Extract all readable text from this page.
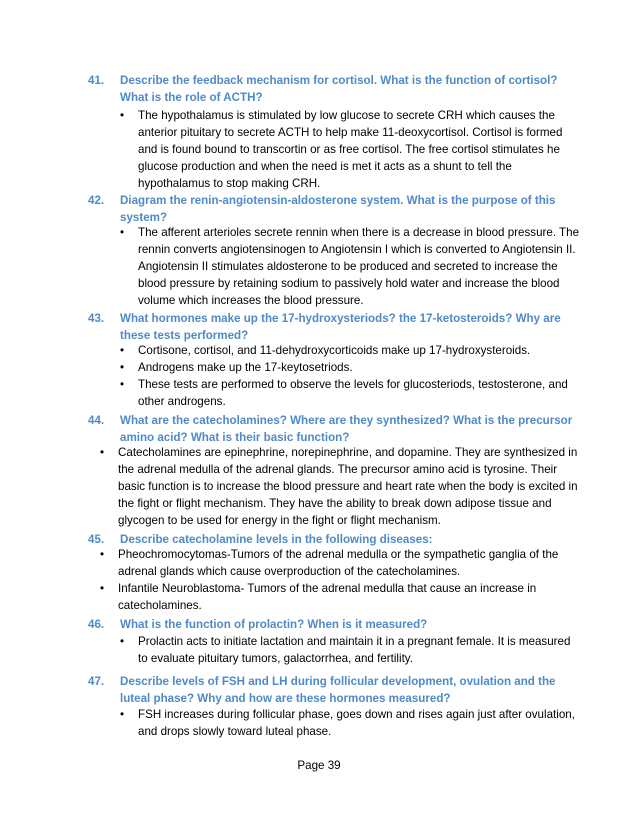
41. Describe the feedback mechanism for cortisol. What is the function of cortisol? What is the role of ACTH?
• The hypothalamus is stimulated by low glucose to secrete CRH which causes the anterior pituitary to secrete ACTH to help make 11-deoxycortisol. Cortisol is formed and is found bound to transcortin or as free cortisol. The free cortisol stimulates he glucose production and when the need is met it acts as a shunt to tell the hypothalamus to stop making CRH.
42. Diagram the renin-angiotensin-aldosterone system. What is the purpose of this system?
• The afferent arterioles secrete rennin when there is a decrease in blood pressure. The rennin converts angiotensinogen to Angiotensin I which is converted to Angiotensin II. Angiotensin II stimulates aldosterone to be produced and secreted to increase the blood pressure by retaining sodium to passively hold water and increase the blood volume which increases the blood pressure.
43. What hormones make up the 17-hydroxysteriods? the 17-ketosteroids? Why are these tests performed?
• Cortisone, cortisol, and 11-dehydroxycorticoids make up 17-hydroxysteroids.
• Androgens make up the 17-keytosetriods.
• These tests are performed to observe the levels for glucosteriods, testosterone, and other androgens.
44. What are the catecholamines? Where are they synthesized? What is the precursor amino acid? What is their basic function?
• Catecholamines are epinephrine, norepinephrine, and dopamine. They are synthesized in the adrenal medulla of the adrenal glands. The precursor amino acid is tyrosine. Their basic function is to increase the blood pressure and heart rate when the body is excited in the fight or flight mechanism. They have the ability to break down adipose tissue and glycogen to be used for energy in the fight or flight mechanism.
45. Describe catecholamine levels in the following diseases:
• Pheochromocytomas-Tumors of the adrenal medulla or the sympathetic ganglia of the adrenal glands which cause overproduction of the catecholamines.
• Infantile Neuroblastoma- Tumors of the adrenal medulla that cause an increase in catecholamines.
46. What is the function of prolactin? When is it measured?
• Prolactin acts to initiate lactation and maintain it in a pregnant female. It is measured to evaluate pituitary tumors, galactorrhea, and fertility.
47. Describe levels of FSH and LH during follicular development, ovulation and the luteal phase? Why and how are these hormones measured?
• FSH increases during follicular phase, goes down and rises again just after ovulation, and drops slowly toward luteal phase.
Page 39
